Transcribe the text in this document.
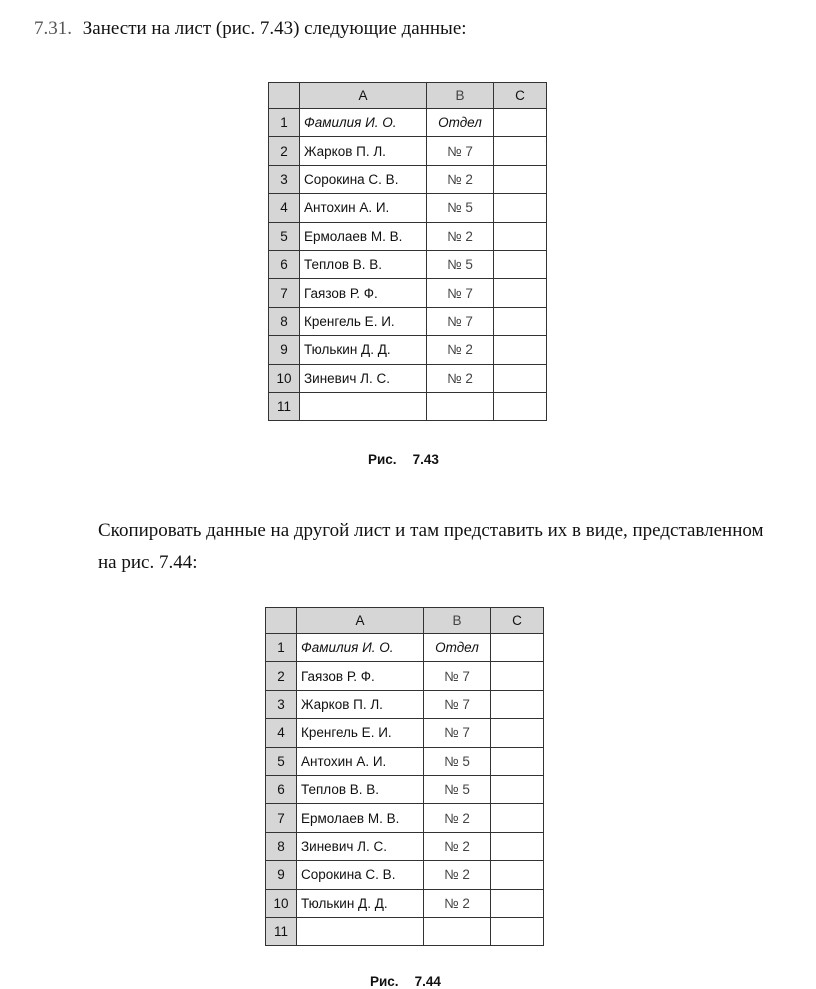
7.31. Занести на лист (рис. 7.43) следующие данные:
	A	B	C
1	Фамилия И. О.	Отдел	
2	Жарков П. Л.	№ 7	
3	Сорокина С. В.	№ 2	
4	Антохин А. И.	№ 5	
5	Ермолаев М. В.	№ 2	
6	Теплов В. В.	№ 5	
7	Гаязов Р. Ф.	№ 7	
8	Кренгель Е. И.	№ 7	
9	Тюлькин Д. Д.	№ 2	
10	Зиневич Л. С.	№ 2	
11			
Рис. 7.43
Скопировать данные на другой лист и там представить их в виде, представленном на рис. 7.44:
	A	B	C
1	Фамилия И. О.	Отдел	
2	Гаязов Р. Ф.	№ 7	
3	Жарков П. Л.	№ 7	
4	Кренгель Е. И.	№ 7	
5	Антохин А. И.	№ 5	
6	Теплов В. В.	№ 5	
7	Ермолаев М. В.	№ 2	
8	Зиневич Л. С.	№ 2	
9	Сорокина С. В.	№ 2	
10	Тюлькин Д. Д.	№ 2	
11			
Рис. 7.44
